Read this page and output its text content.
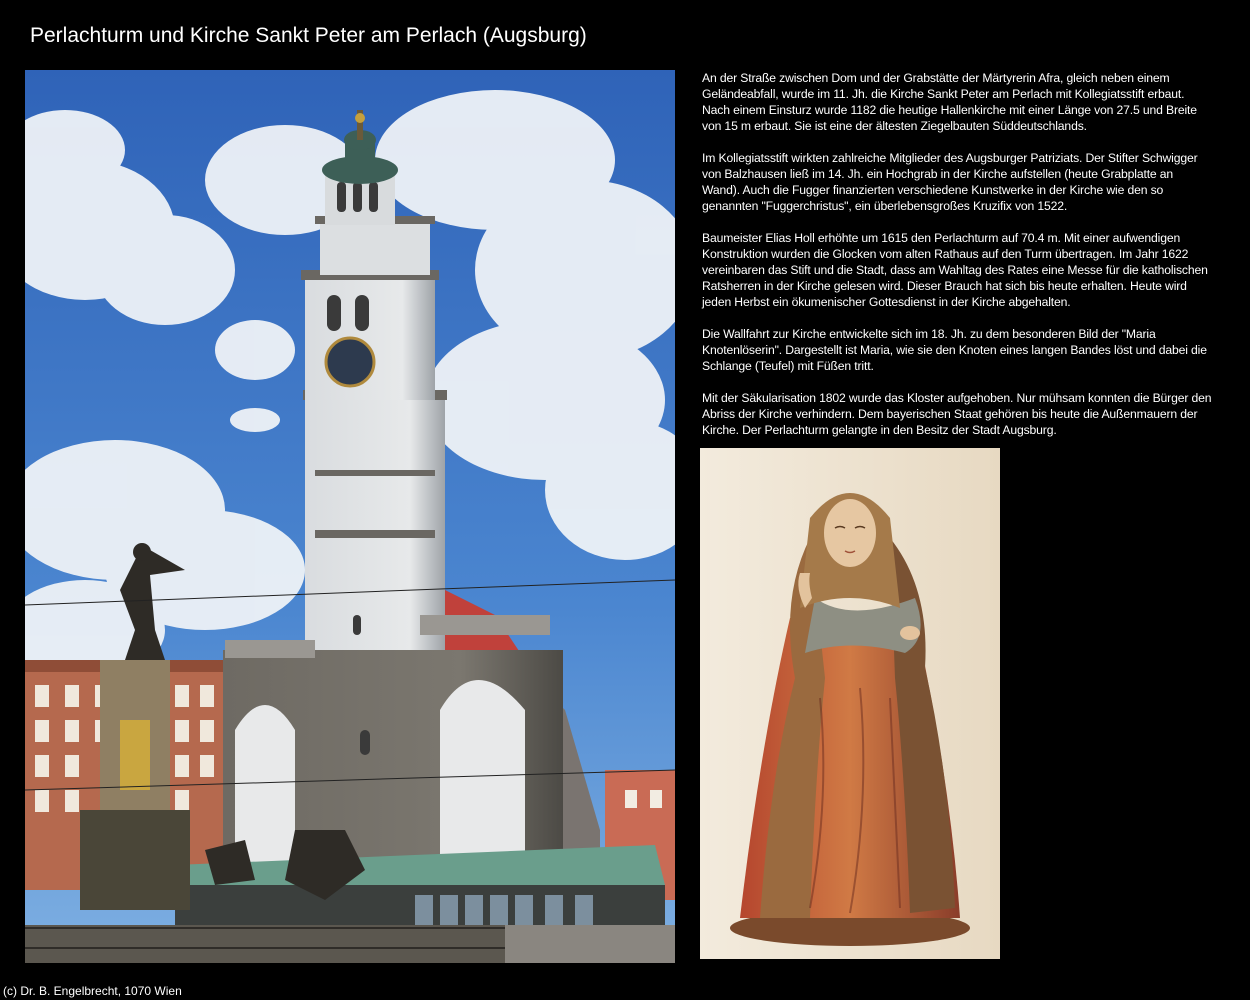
Perlachturm und Kirche Sankt Peter am Perlach (Augsburg)

An der Straße zwischen Dom und der Grabstätte der Märtyrerin Afra, gleich neben einem Geländeabfall, wurde im 11. Jh. die Kirche Sankt Peter am Perlach mit Kollegiatsstift erbaut. Nach einem Einsturz wurde 1182 die heutige Hallenkirche mit einer Länge von 27.5 und Breite von 15 m erbaut. Sie ist eine der ältesten Ziegelbauten Süddeutschlands.

Im Kollegiatsstift wirkten zahlreiche Mitglieder des Augsburger Patriziats. Der Stifter Schwigger von Balzhausen ließ im 14. Jh. ein Hochgrab in der Kirche aufstellen (heute Grabplatte an Wand). Auch die Fugger finanzierten verschiedene Kunstwerke in der Kirche wie den so genannten "Fuggerchristus", ein überlebensgroßes Kruzifix von 1522.

Baumeister Elias Holl erhöhte um 1615 den Perlachturm auf 70.4 m. Mit einer aufwendigen Konstruktion wurden die Glocken vom alten Rathaus auf den Turm übertragen. Im Jahr 1622 vereinbaren das Stift und die Stadt, dass am Wahltag des Rates eine Messe für die katholischen Ratsherren in der Kirche gelesen wird. Dieser Brauch hat sich bis heute erhalten. Heute wird jeden Herbst ein ökumenischer Gottesdienst in der Kirche abgehalten.

Die Wallfahrt zur Kirche entwickelte sich im 18. Jh. zu dem besonderen Bild der "Maria Knotenlöserin". Dargestellt ist Maria, wie sie den Knoten eines langen Bandes löst und dabei die Schlange (Teufel) mit Füßen tritt.

Mit der Säkularisation 1802 wurde das Kloster aufgehoben. Nur mühsam konnten die Bürger den Abriss der Kirche verhindern. Dem bayerischen Staat gehören bis heute die Außenmauern der Kirche. Der Perlachturm gelangte in den Besitz der Stadt Augsburg.

(c) Dr. B. Engelbrecht, 1070 Wien
